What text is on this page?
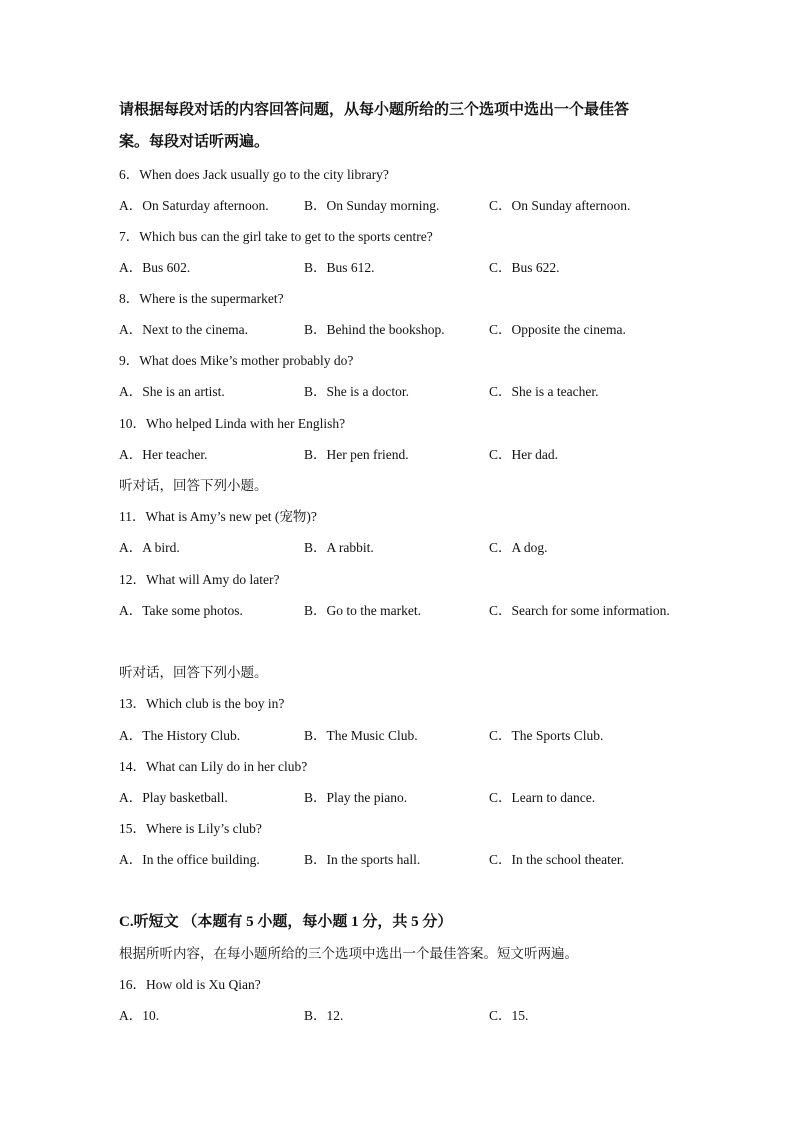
请根据每段对话的内容回答问题，从每小题所给的三个选项中选出一个最佳答
案。每段对话听两遍。
6．When does Jack usually go to the city library?
A．On Saturday afternoon.	B．On Sunday morning.	C．On Sunday afternoon.
7．Which bus can the girl take to get to the sports centre?
A．Bus 602.	B．Bus 612.	C．Bus 622.
8．Where is the supermarket?
A．Next to the cinema.	B．Behind the bookshop.	C．Opposite the cinema.
9．What does Mike’s mother probably do?
A．She is an artist.	B．She is a doctor.	C．She is a teacher.
10．Who helped Linda with her English?
A．Her teacher.	B．Her pen friend.	C．Her dad.
听对话，回答下列小题。
11．What is Amy’s new pet (宠物)?
A．A bird.	B．A rabbit.	C．A dog.
12．What will Amy do later?
A．Take some photos.	B．Go to the market.	C．Search for some information.
听对话，回答下列小题。
13．Which club is the boy in?
A．The History Club.	B．The Music Club.	C．The Sports Club.
14．What can Lily do in her club?
A．Play basketball.	B．Play the piano.	C．Learn to dance.
15．Where is Lily’s club?
A．In the office building.	B．In the sports hall.	C．In the school theater.
C.听短文 （本题有 5 小题，每小题 1 分，共 5 分）
根据所听内容，在每小题所给的三个选项中选出一个最佳答案。短文听两遍。
16．How old is Xu Qian?
A．10.	B．12.	C．15.
